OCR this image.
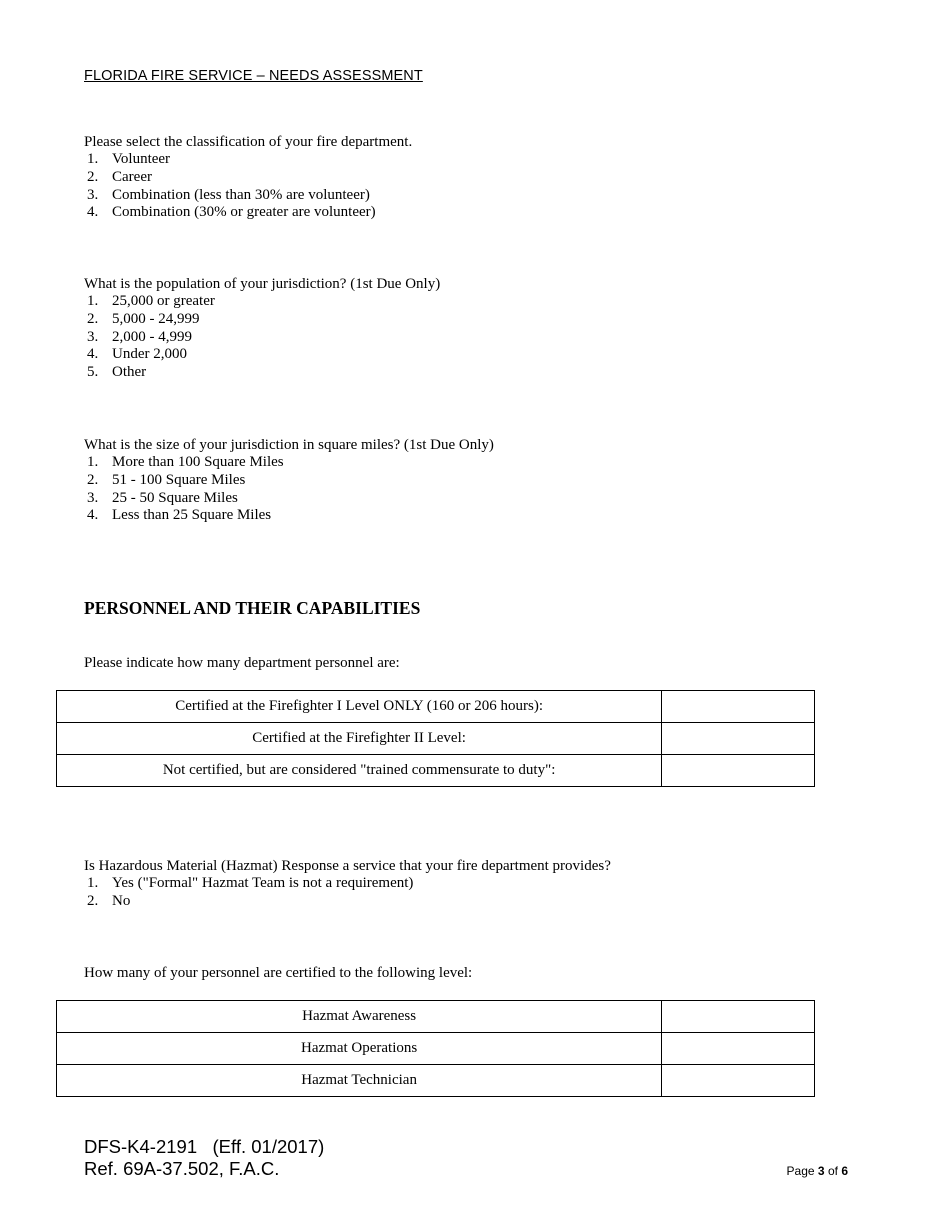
FLORIDA FIRE SERVICE – NEEDS ASSESSMENT
Please select the classification of your fire department.
1. Volunteer
2. Career
3. Combination (less than 30% are volunteer)
4. Combination (30% or greater are volunteer)
What is the population of your jurisdiction? (1st Due Only)
1. 25,000 or greater
2. 5,000 - 24,999
3. 2,000 - 4,999
4. Under 2,000
5. Other
What is the size of your jurisdiction in square miles? (1st Due Only)
1. More than 100 Square Miles
2. 51 - 100 Square Miles
3. 25 - 50 Square Miles
4. Less than 25 Square Miles
PERSONNEL AND THEIR CAPABILITIES
Please indicate how many department personnel are:
Certified at the Firefighter I Level ONLY (160 or 206 hours):	
Certified at the Firefighter II Level:	
Not certified, but are considered "trained commensurate to duty":	
Is Hazardous Material (Hazmat) Response a service that your fire department provides?
1. Yes ("Formal" Hazmat Team is not a requirement)
2. No
How many of your personnel are certified to the following level:
Hazmat Awareness	
Hazmat Operations	
Hazmat Technician	
DFS-K4-2191   (Eff. 01/2017)
Ref. 69A-37.502, F.A.C.	Page 3 of 6
